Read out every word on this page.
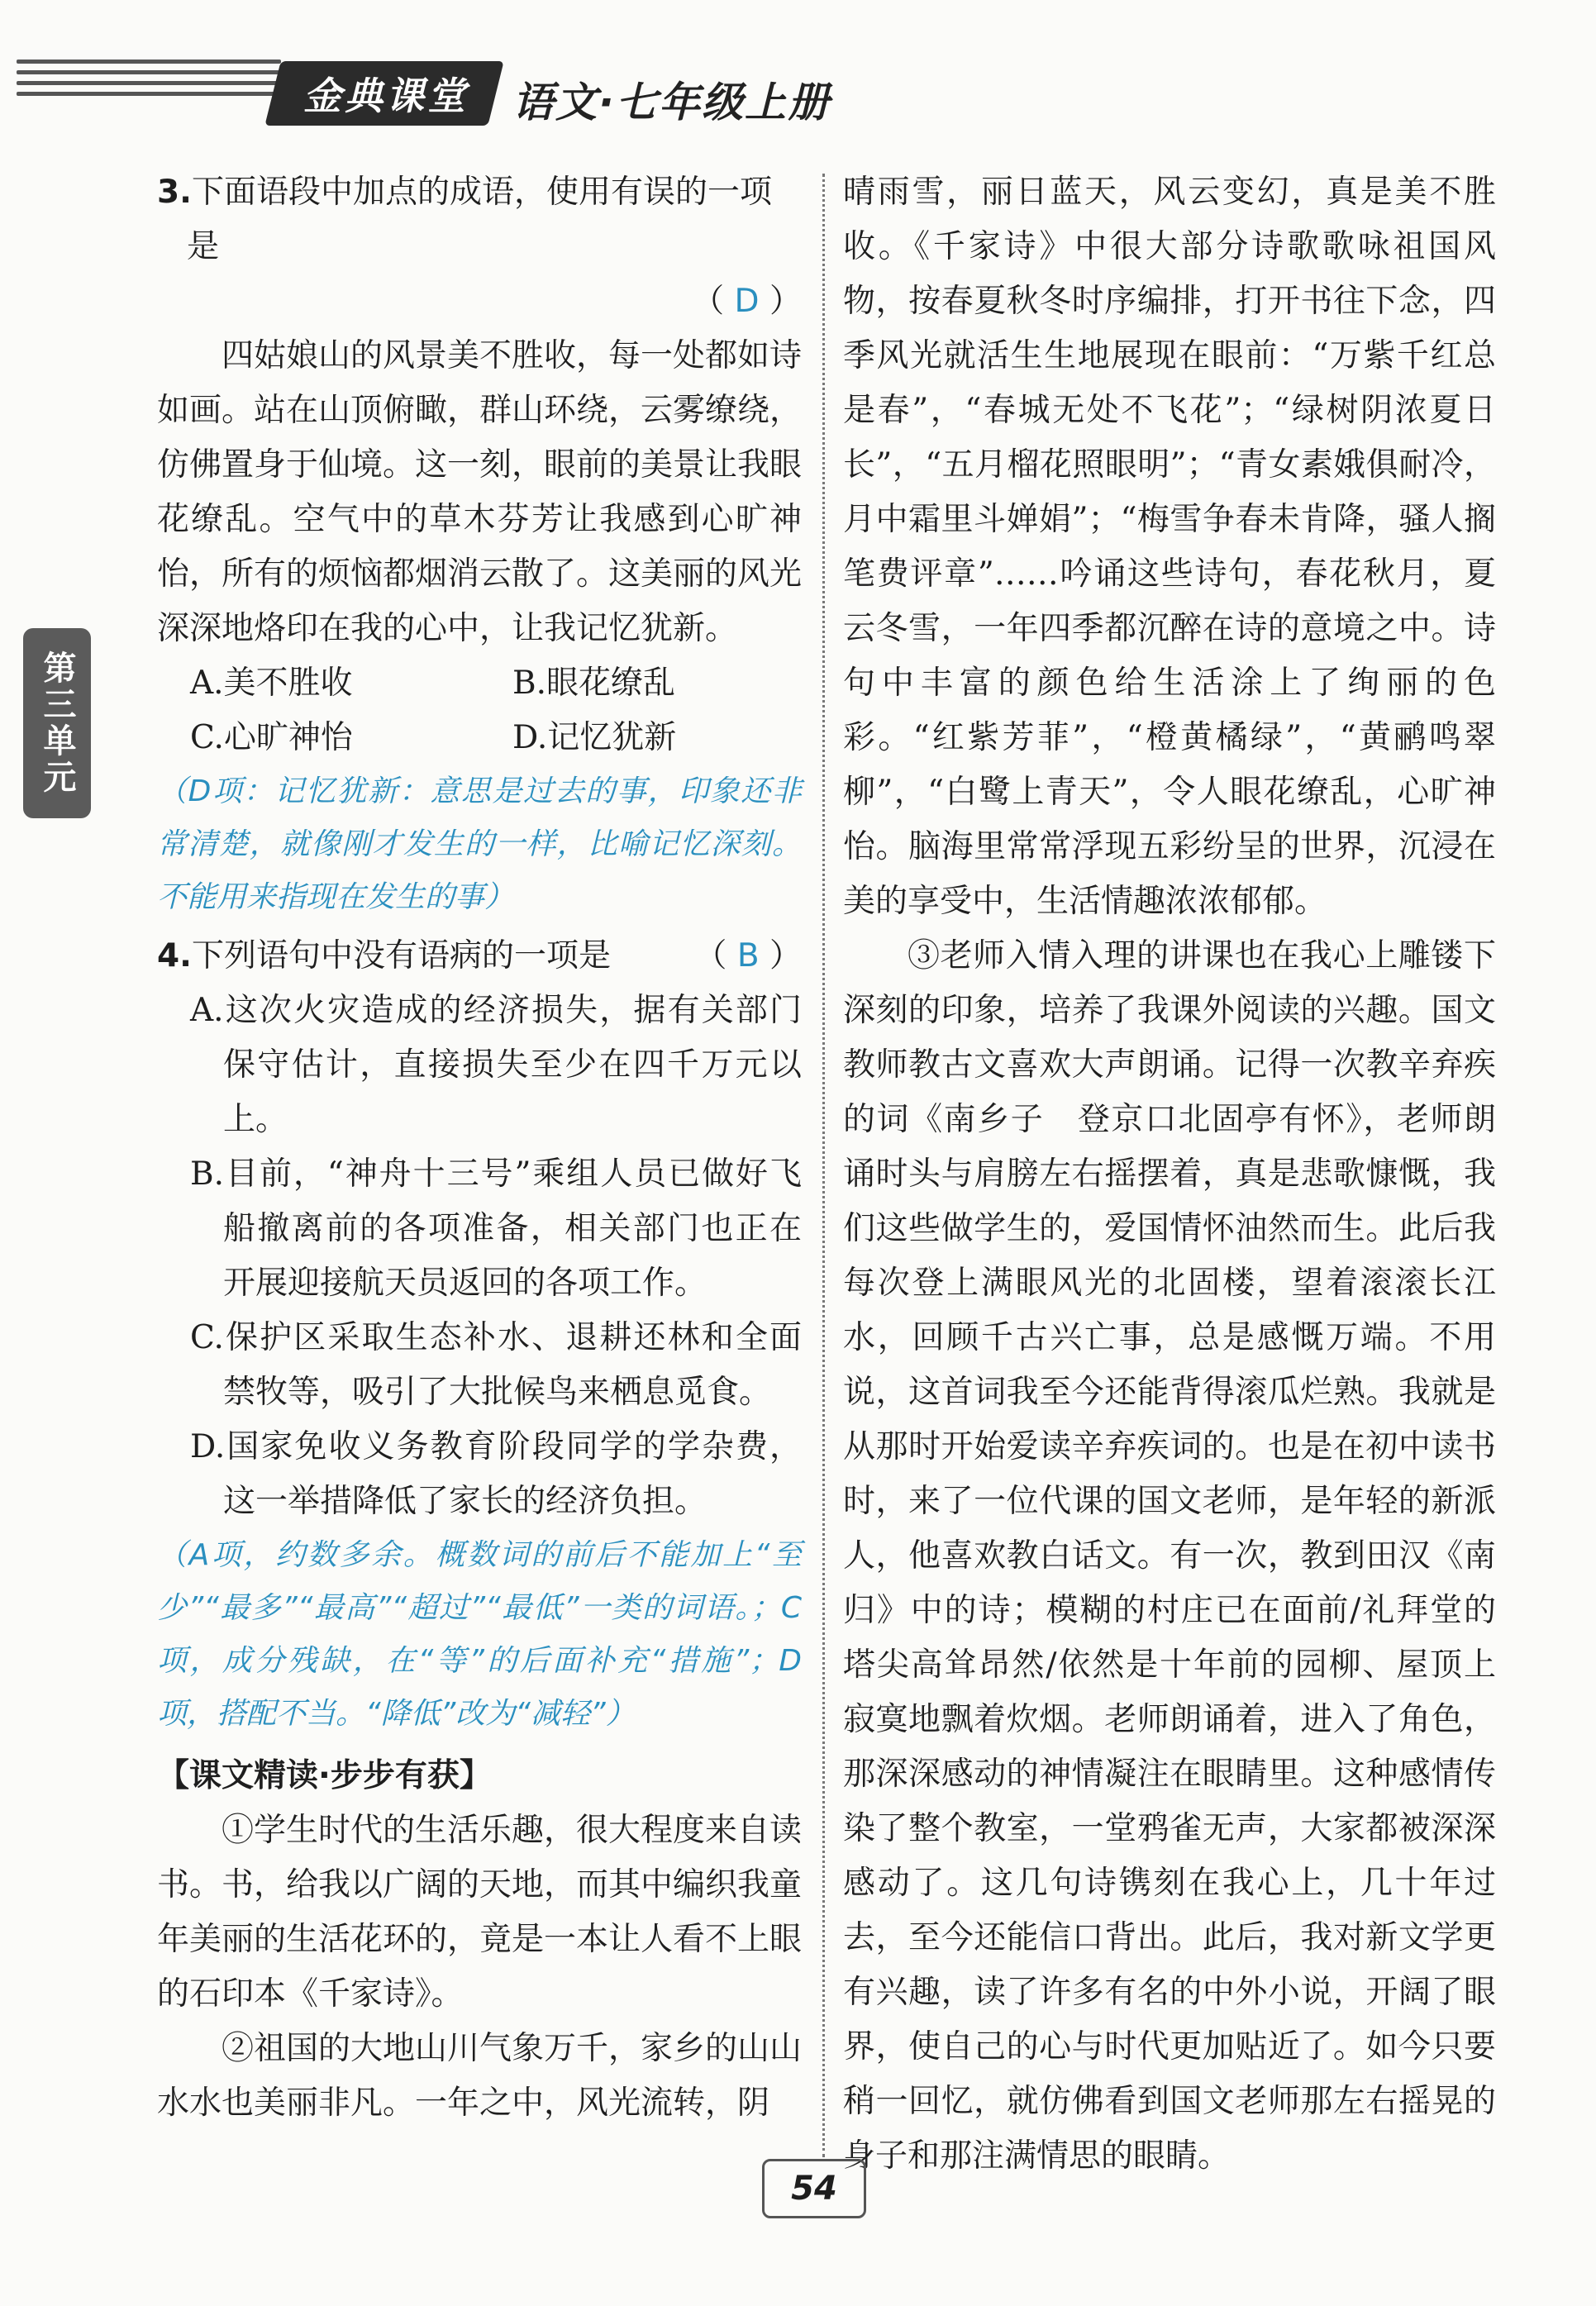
金典课堂	语文·七年级上册
第三单元

3.下面语段中加点的成语，使用有误的一项是

（ D ）

四姑娘山的风景美不胜收，每一处都如诗如画。站在山顶俯瞰，群山环绕，云雾缭绕，仿佛置身于仙境。这一刻，眼前的美景让我眼花缭乱。空气中的草木芬芳让我感到心旷神怡，所有的烦恼都烟消云散了。这美丽的风光深深地烙印在我的心中，让我记忆犹新。

A.美不胜收	B.眼花缭乱
C.心旷神怡	D.记忆犹新

（D项：记忆犹新：意思是过去的事，印象还非常清楚，就像刚才发生的一样，比喻记忆深刻。不能用来指现在发生的事）

4.下列语句中没有语病的一项是	（ B ）

A.这次火灾造成的经济损失，据有关部门保守估计，直接损失至少在四千万元以上。

B.目前，“神舟十三号”乘组人员已做好飞船撤离前的各项准备，相关部门也正在开展迎接航天员返回的各项工作。

C.保护区采取生态补水、退耕还林和全面禁牧等，吸引了大批候鸟来栖息觅食。

D.国家免收义务教育阶段同学的学杂费，这一举措降低了家长的经济负担。

（A项，约数多余。概数词的前后不能加上“至少”“最多”“最高”“超过”“最低”一类的词语。；C项，成分残缺，在“等”的后面补充“措施”；D项，搭配不当。“降低”改为“减轻”）

【课文精读·步步有获】

①学生时代的生活乐趣，很大程度来自读书。书，给我以广阔的天地，而其中编织我童年美丽的生活花环的，竟是一本让人看不上眼的石印本《千家诗》。

②祖国的大地山川气象万千，家乡的山山水水也美丽非凡。一年之中，风光流转，阴

晴雨雪，丽日蓝天，风云变幻，真是美不胜收。《千家诗》中很大部分诗歌歌咏祖国风物，按春夏秋冬时序编排，打开书往下念，四季风光就活生生地展现在眼前：“万紫千红总是春”，“春城无处不飞花”；“绿树阴浓夏日长”，“五月榴花照眼明”；“青女素娥俱耐冷，月中霜里斗婵娟”；“梅雪争春未肯降，骚人搁笔费评章”……吟诵这些诗句，春花秋月，夏云冬雪，一年四季都沉醉在诗的意境之中。诗句中丰富的颜色给生活涂上了绚丽的色彩。“红紫芳菲”，“橙黄橘绿”，“黄鹂鸣翠柳”，“白鹭上青天”，令人眼花缭乱，心旷神怡。脑海里常常浮现五彩纷呈的世界，沉浸在美的享受中，生活情趣浓浓郁郁。

③老师入情入理的讲课也在我心上雕镂下深刻的印象，培养了我课外阅读的兴趣。国文教师教古文喜欢大声朗诵。记得一次教辛弃疾的词《南乡子　登京口北固亭有怀》，老师朗诵时头与肩膀左右摇摆着，真是悲歌慷慨，我们这些做学生的，爱国情怀油然而生。此后我每次登上满眼风光的北固楼，望着滚滚长江水，回顾千古兴亡事，总是感慨万端。不用说，这首词我至今还能背得滚瓜烂熟。我就是从那时开始爱读辛弃疾词的。也是在初中读书时，来了一位代课的国文老师，是年轻的新派人，他喜欢教白话文。有一次，教到田汉《南归》中的诗；模糊的村庄已在面前/礼拜堂的塔尖高耸昂然/依然是十年前的园柳、屋顶上寂寞地飘着炊烟。老师朗诵着，进入了角色，那深深感动的神情凝注在眼睛里。这种感情传染了整个教室，一堂鸦雀无声，大家都被深深感动了。这几句诗镌刻在我心上，几十年过去，至今还能信口背出。此后，我对新文学更有兴趣，读了许多有名的中外小说，开阔了眼界，使自己的心与时代更加贴近了。如今只要稍一回忆，就仿佛看到国文老师那左右摇晃的身子和那注满情思的眼睛。

54
